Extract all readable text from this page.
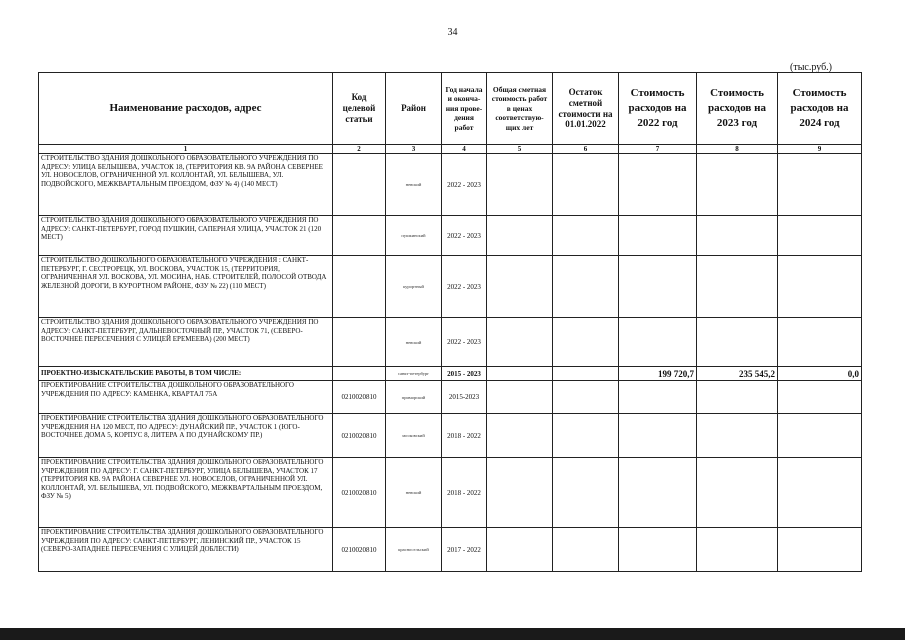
34
(тыс.руб.)
Наименование расходов, адрес	Код целевой статьи	Район	Год начала и оконча-ния прове-дения работ	Общая сметная стоимость работ в ценах соответствую-щих лет	Остаток сметной стоимости на 01.01.2022	Стоимость расходов на 2022 год	Стоимость расходов на 2023 год	Стоимость расходов на 2024 год
1	2	3	4	5	6	7	8	9
СТРОИТЕЛЬСТВО ЗДАНИЯ ДОШКОЛЬНОГО ОБРАЗОВАТЕЛЬНОГО УЧРЕЖДЕНИЯ ПО АДРЕСУ: УЛИЦА БЕЛЫШЕВА, УЧАСТОК 18, (ТЕРРИТОРИЯ КВ. 9А РАЙОНА СЕВЕРНЕЕ УЛ. НОВОСЕЛОВ, ОГРАНИЧЕННОЙ УЛ. КОЛЛОНТАЙ, УЛ. БЕЛЫШЕВА, УЛ. ПОДВОЙСКОГО, МЕЖКВАРТАЛЬНЫМ ПРОЕЗДОМ, ФЗУ № 4) (140 МЕСТ)		невский	2022 - 2023					
СТРОИТЕЛЬСТВО ЗДАНИЯ ДОШКОЛЬНОГО ОБРАЗОВАТЕЛЬНОГО УЧРЕЖДЕНИЯ ПО АДРЕСУ: САНКТ-ПЕТЕРБУРГ, ГОРОД ПУШКИН, САПЕРНАЯ УЛИЦА, УЧАСТОК 21 (120 МЕСТ)		пушкинский	2022 - 2023					
СТРОИТЕЛЬСТВО ДОШКОЛЬНОГО ОБРАЗОВАТЕЛЬНОГО УЧРЕЖДЕНИЯ : САНКТ-ПЕТЕРБУРГ, Г. СЕСТРОРЕЦК, УЛ. ВОСКОВА, УЧАСТОК 15, (ТЕРРИТОРИЯ, ОГРАНИЧЕННАЯ УЛ. ВОСКОВА, УЛ. МОСИНА, НАБ. СТРОИТЕЛЕЙ, ПОЛОСОЙ ОТВОДА ЖЕЛЕЗНОЙ ДОРОГИ, В КУРОРТНОМ РАЙОНЕ, ФЗУ № 22) (110 МЕСТ)		курортный	2022 - 2023					
СТРОИТЕЛЬСТВО ЗДАНИЯ ДОШКОЛЬНОГО ОБРАЗОВАТЕЛЬНОГО УЧРЕЖДЕНИЯ ПО АДРЕСУ: САНКТ-ПЕТЕРБУРГ, ДАЛЬНЕВОСТОЧНЫЙ ПР., УЧАСТОК 71, (СЕВЕРО-ВОСТОЧНЕЕ ПЕРЕСЕЧЕНИЯ С УЛИЦЕЙ ЕРЕМЕЕВА) (200 МЕСТ)		невский	2022 - 2023					
ПРОЕКТНО-ИЗЫСКАТЕЛЬСКИЕ РАБОТЫ, В ТОМ ЧИСЛЕ:		санкт-петербург	2015 - 2023			199 720,7	235 545,2	0,0
ПРОЕКТИРОВАНИЕ СТРОИТЕЛЬСТВА ДОШКОЛЬНОГО ОБРАЗОВАТЕЛЬНОГО УЧРЕЖДЕНИЯ ПО АДРЕСУ: КАМЕНКА, КВАРТАЛ 75А	0210020810	приморский	2015-2023					
ПРОЕКТИРОВАНИЕ СТРОИТЕЛЬСТВА ЗДАНИЯ ДОШКОЛЬНОГО ОБРАЗОВАТЕЛЬНОГО УЧРЕЖДЕНИЯ НА 120 МЕСТ, ПО АДРЕСУ: ДУНАЙСКИЙ ПР., УЧАСТОК 1 (ЮГО-ВОСТОЧНЕЕ ДОМА 5, КОРПУС 8, ЛИТЕРА А ПО ДУНАЙСКОМУ ПР.)	0210020810	московский	2018 - 2022					
ПРОЕКТИРОВАНИЕ СТРОИТЕЛЬСТВА ЗДАНИЯ ДОШКОЛЬНОГО ОБРАЗОВАТЕЛЬНОГО УЧРЕЖДЕНИЯ ПО АДРЕСУ: Г. САНКТ-ПЕТЕРБУРГ, УЛИЦА БЕЛЫШЕВА, УЧАСТОК 17 (ТЕРРИТОРИЯ КВ. 9А РАЙОНА СЕВЕРНЕЕ УЛ. НОВОСЕЛОВ, ОГРАНИЧЕННОЙ УЛ. КОЛЛОНТАЙ, УЛ. БЕЛЫШЕВА, УЛ. ПОДВОЙСКОГО, МЕЖКВАРТАЛЬНЫМ ПРОЕЗДОМ, ФЗУ № 5)	0210020810	невский	2018 - 2022					
ПРОЕКТИРОВАНИЕ СТРОИТЕЛЬСТВА ЗДАНИЯ ДОШКОЛЬНОГО ОБРАЗОВАТЕЛЬНОГО УЧРЕЖДЕНИЯ ПО АДРЕСУ: САНКТ-ПЕТЕРБУРГ, ЛЕНИНСКИЙ ПР., УЧАСТОК 15 (СЕВЕРО-ЗАПАДНЕЕ ПЕРЕСЕЧЕНИЯ С УЛИЦЕЙ ДОБЛЕСТИ)	0210020810	красносельский	2017 - 2022					
